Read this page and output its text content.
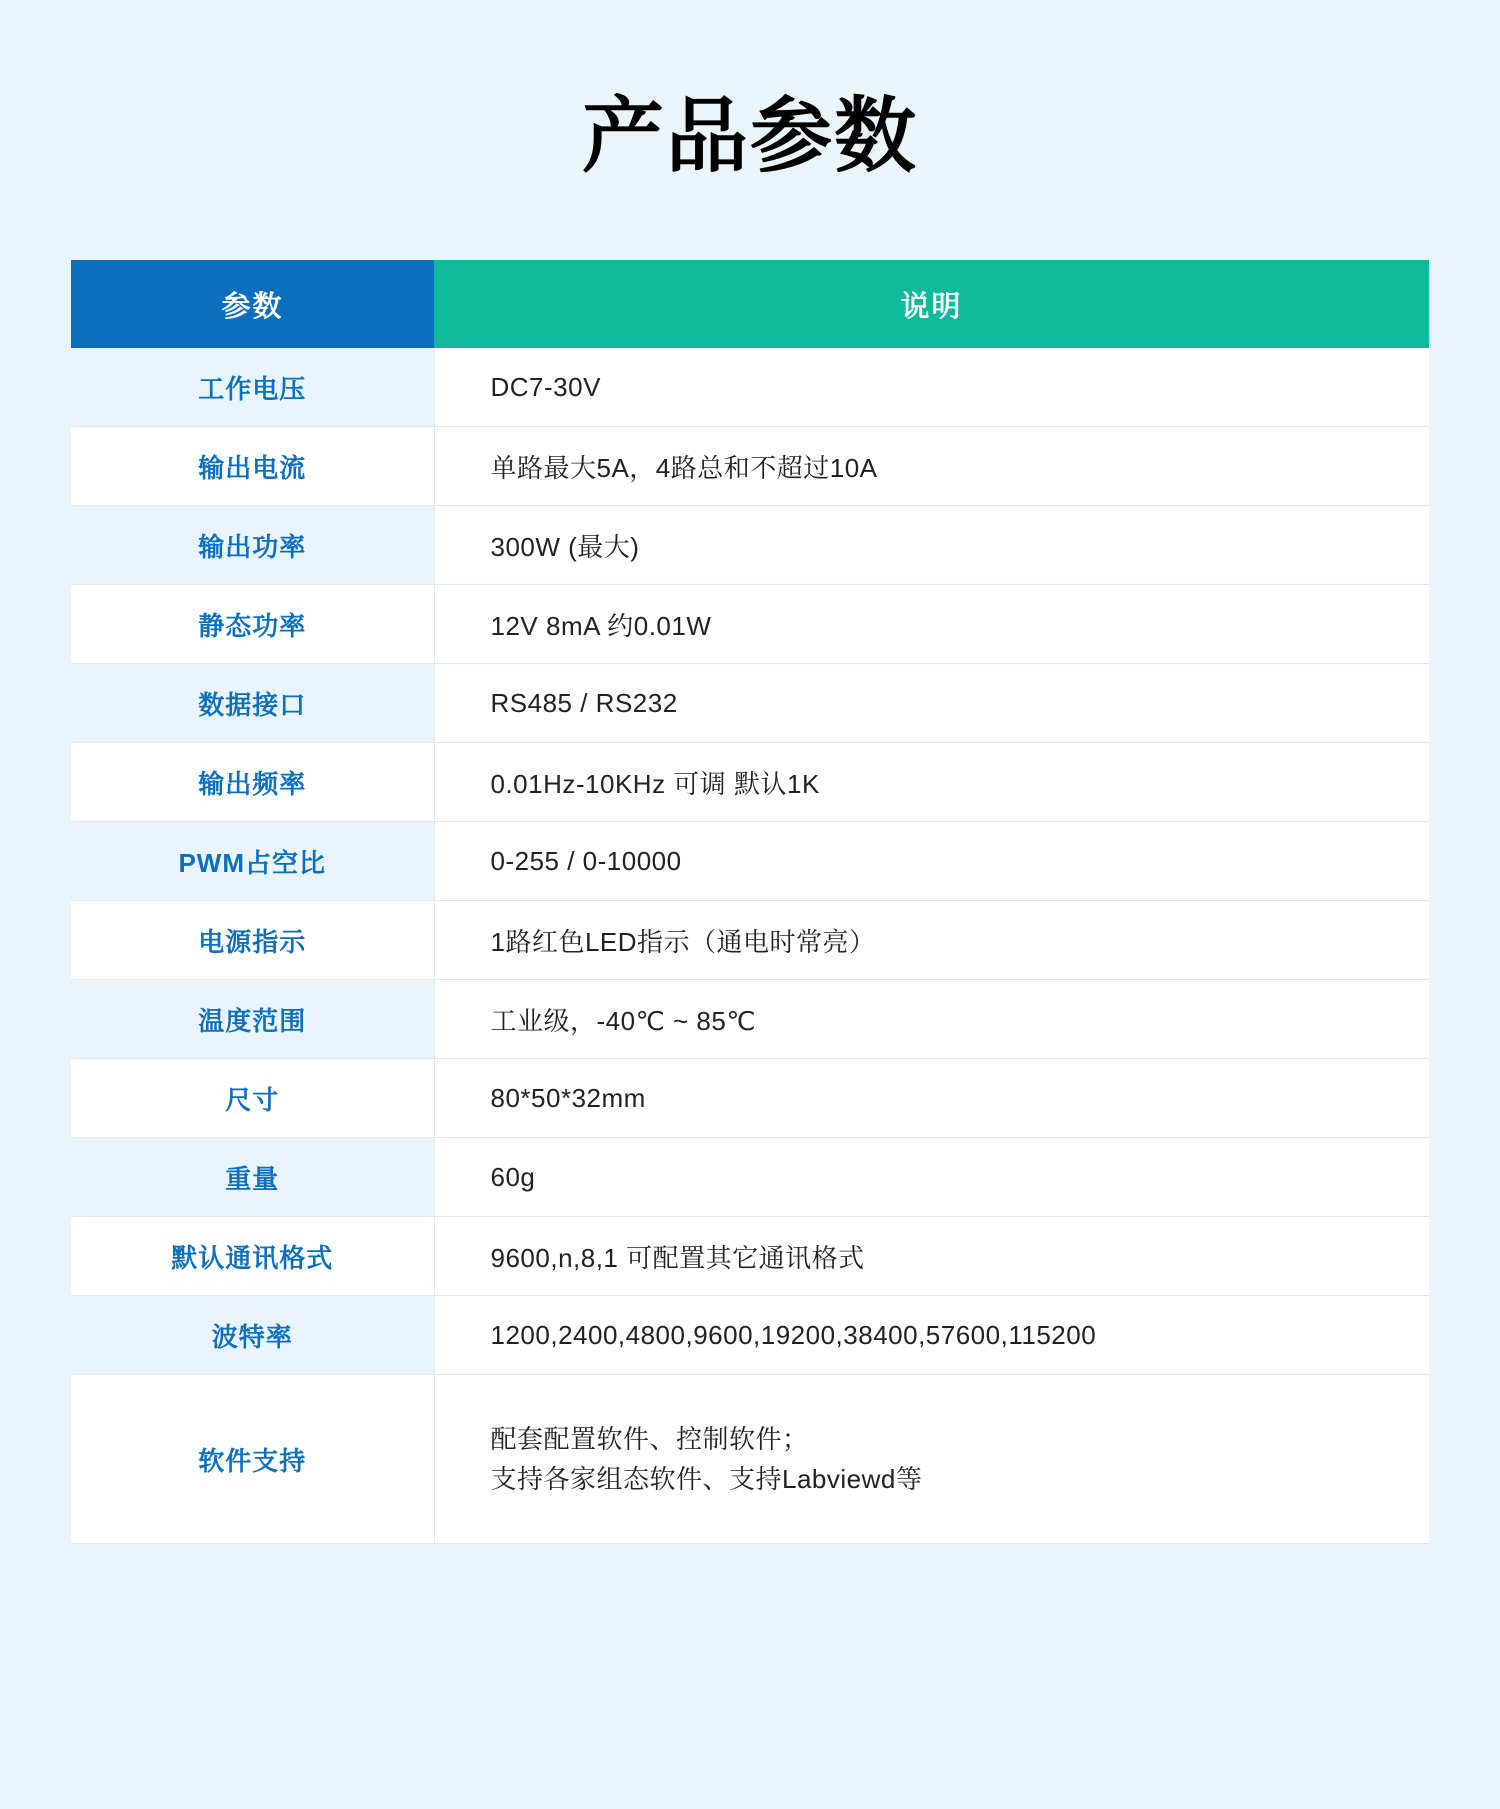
产品参数
参数	说明
工作电压	DC7-30V
输出电流	单路最大5A，4路总和不超过10A
输出功率	300W (最大)
静态功率	12V 8mA 约0.01W
数据接口	RS485 / RS232
输出频率	0.01Hz-10KHz 可调 默认1K
PWM占空比	0-255 / 0-10000
电源指示	1路红色LED指示（通电时常亮）
温度范围	工业级，-40℃ ~ 85℃
尺寸	80*50*32mm
重量	60g
默认通讯格式	9600,n,8,1 可配置其它通讯格式
波特率	1200,2400,4800,9600,19200,38400,57600,115200
软件支持	配套配置软件、控制软件；
支持各家组态软件、支持Labviewd等
